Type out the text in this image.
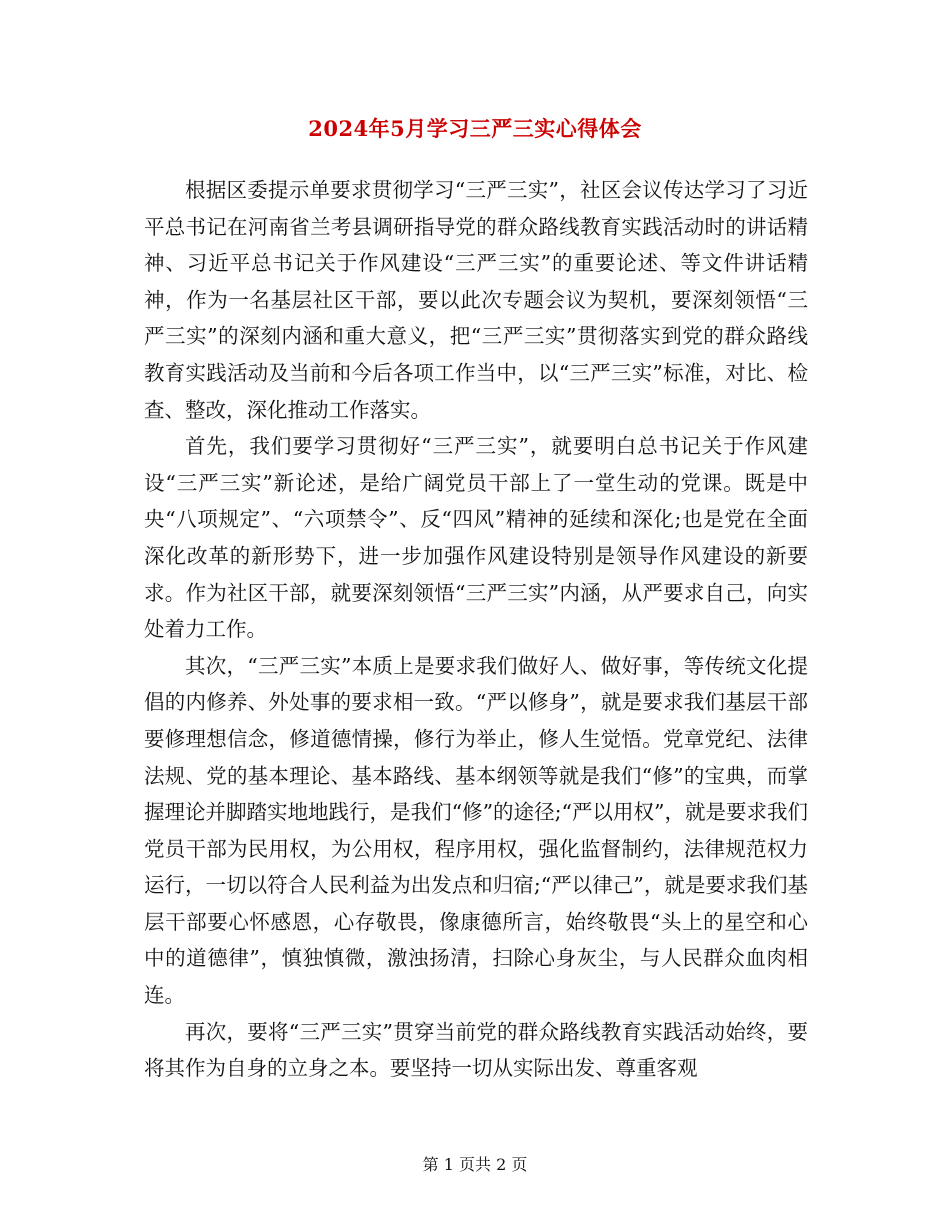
2024年5月学习三严三实心得体会

根据区委提示单要求贯彻学习“三严三实”，社区会议传达学习了习近平总书记在河南省兰考县调研指导党的群众路线教育实践活动时的讲话精神、习近平总书记关于作风建设“三严三实”的重要论述、等文件讲话精神，作为一名基层社区干部，要以此次专题会议为契机，要深刻领悟“三严三实”的深刻内涵和重大意义，把“三严三实”贯彻落实到党的群众路线教育实践活动及当前和今后各项工作当中，以“三严三实”标准，对比、检查、整改，深化推动工作落实。

首先，我们要学习贯彻好“三严三实”，就要明白总书记关于作风建设“三严三实”新论述，是给广阔党员干部上了一堂生动的党课。既是中央“八项规定”、“六项禁令”、反“四风”精神的延续和深化;也是党在全面深化改革的新形势下，进一步加强作风建设特别是领导作风建设的新要求。作为社区干部，就要深刻领悟“三严三实”内涵，从严要求自己，向实处着力工作。

其次，“三严三实”本质上是要求我们做好人、做好事，等传统文化提倡的内修养、外处事的要求相一致。“严以修身”，就是要求我们基层干部要修理想信念，修道德情操，修行为举止，修人生觉悟。党章党纪、法律法规、党的基本理论、基本路线、基本纲领等就是我们“修”的宝典，而掌握理论并脚踏实地地践行，是我们“修”的途径;“严以用权”，就是要求我们党员干部为民用权，为公用权，程序用权，强化监督制约，法律规范权力运行，一切以符合人民利益为出发点和归宿;“严以律己”，就是要求我们基层干部要心怀感恩，心存敬畏，像康德所言，始终敬畏“头上的星空和心中的道德律”，慎独慎微，激浊扬清，扫除心身灰尘，与人民群众血肉相连。

再次，要将“三严三实”贯穿当前党的群众路线教育实践活动始终，要将其作为自身的立身之本。要坚持一切从实际出发、尊重客观

第 1 页共 2 页
